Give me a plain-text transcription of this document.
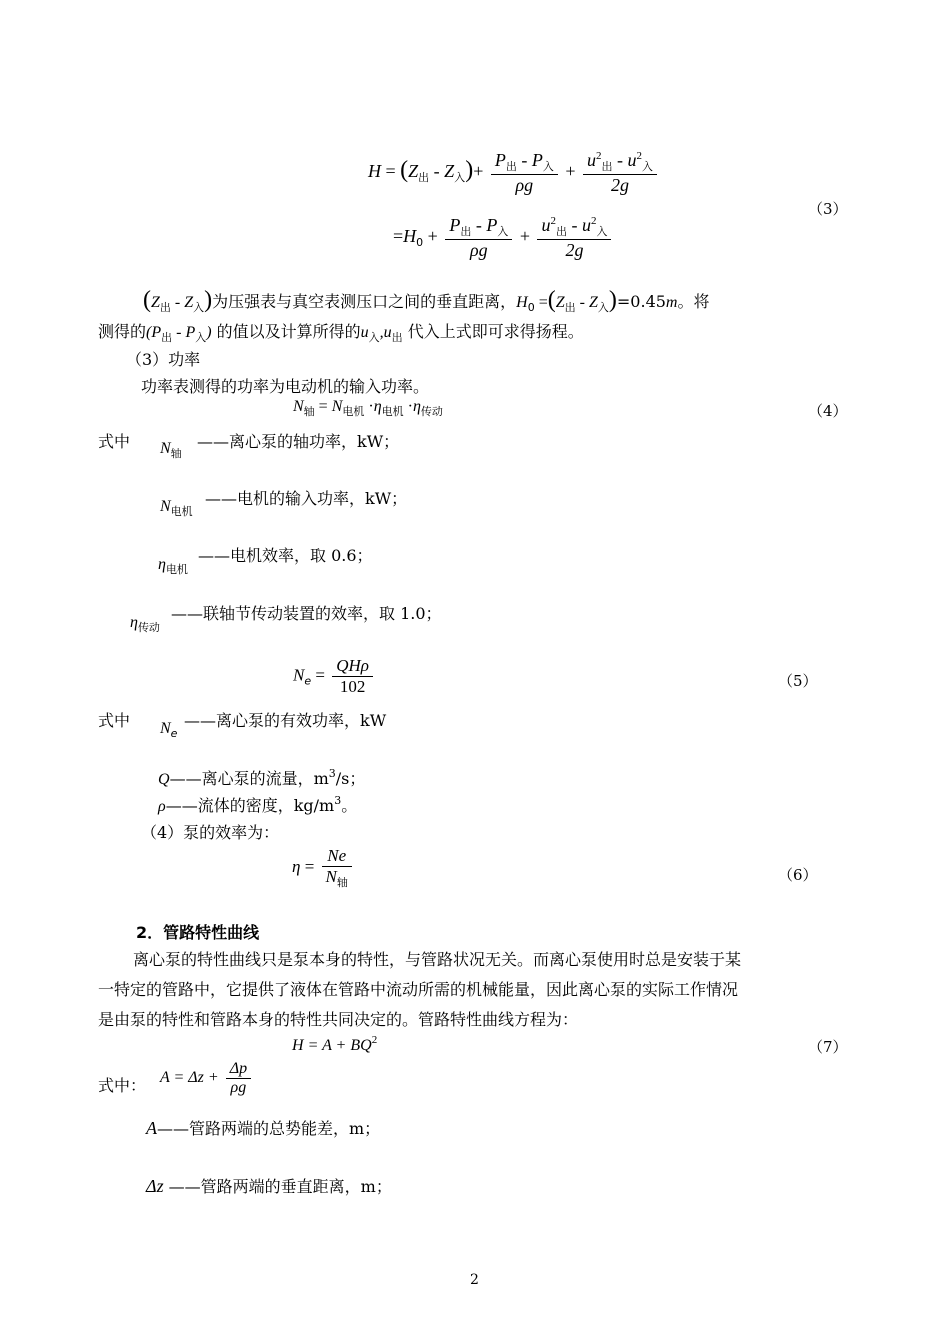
$H = (Z_出 - Z_入)+ \frac{P_出 - P_入}{\rho g} + \frac{u^2_出 - u^2_入}{2g}$
$=H_0 + \frac{P_出 - P_入}{\rho g} + \frac{u^2_出 - u^2_入}{2g}$
（3）
$(Z_出 - Z_入)$为压强表与真空表测压口之间的垂直距离，$H_0 =(Z_出 - Z_入)=0.45m$。将
测得的$(P_出 - P_入)$ 的值以及计算所得的$u_入,u_出$ 代入上式即可求得扬程。
（3）功率
功率表测得的功率为电动机的输入功率。
$N_轴 = N_{电机} \cdot\eta_{电机} \cdot\eta_{传动}$	（4）
式中 $N_轴$
——离心泵的轴功率，kW；
$N_{电机}$
——电机的输入功率，kW；
$\eta_{电机}$
——电机效率，取 0.6；
$\eta_{传动}$
——联轴节传动装置的效率，取 1.0；
$N_e = \frac{\text{QHρ}}{102}$	（5）
式中 $N_e$
——离心泵的有效功率，kW
Q——离心泵的流量，$m^3/s$；
ρ——流体的密度，$kg/m^3$。
（4）泵的效率为：
$\eta = \frac{Ne}{N_轴}$	（6）
2．管路特性曲线
离心泵的特性曲线只是泵本身的特性，与管路状况无关。而离心泵使用时总是安装于某
一特定的管路中，它提供了液体在管路中流动所需的机械能量，因此离心泵的实际工作情况
是由泵的特性和管路本身的特性共同决定的。管路特性曲线方程为：
$H = A + BQ^2$	（7）
式中： $A = \Delta z + \frac{\Delta p}{\rho g}$
A——管路两端的总势能差，m；
Δz ——管路两端的垂直距离，m；
2
